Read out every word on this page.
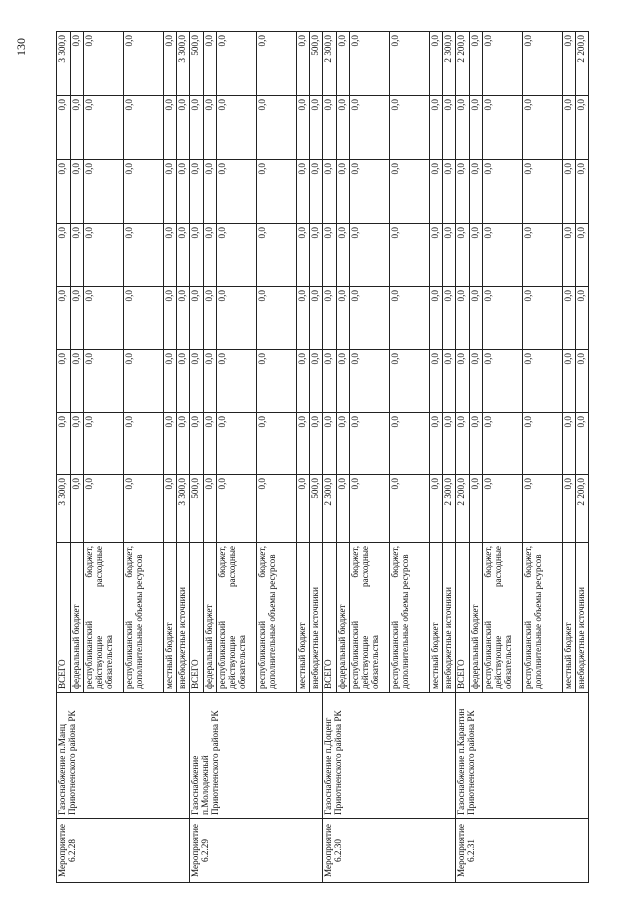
130
Мероприятие 6.2.28	Газоснабжение п.Манц Приютненского района РК	ВСЕГО	3 300,0	0,0	0,0	0,0	0,0	0,0	0,0	3 300,0
		федеральный бюджет	0,0	0,0	0,0	0,0	0,0	0,0	0,0	0,0
		республиканский бюджет, действующие расходные обязательства	0,0	0,0	0,0	0,0	0,0	0,0	0,0	0,0
		республиканский бюджет, дополнительные объемы ресурсов	0,0	0,0	0,0	0,0	0,0	0,0	0,0	0,0
		местный бюджет	0,0	0,0	0,0	0,0	0,0	0,0	0,0	0,0
		внебюджетные источники	3 300,0	0,0	0,0	0,0	0,0	0,0	0,0	3 300,0
Мероприятие 6.2.29	Газоснабжение п.Молодежный Приютненского района РК	ВСЕГО	500,0	0,0	0,0	0,0	0,0	0,0	0,0	500,0
		федеральный бюджет	0,0	0,0	0,0	0,0	0,0	0,0	0,0	0,0
		республиканский бюджет, действующие расходные обязательства	0,0	0,0	0,0	0,0	0,0	0,0	0,0	0,0
		республиканский бюджет, дополнительные объемы ресурсов	0,0	0,0	0,0	0,0	0,0	0,0	0,0	0,0
		местный бюджет	0,0	0,0	0,0	0,0	0,0	0,0	0,0	0,0
		внебюджетные источники	500,0	0,0	0,0	0,0	0,0	0,0	0,0	500,0
Мероприятие 6.2.30	Газоснабжение п.Доценг Приютненского района РК	ВСЕГО	2 300,0	0,0	0,0	0,0	0,0	0,0	0,0	2 300,0
		федеральный бюджет	0,0	0,0	0,0	0,0	0,0	0,0	0,0	0,0
		республиканский бюджет, действующие расходные обязательства	0,0	0,0	0,0	0,0	0,0	0,0	0,0	0,0
		республиканский бюджет, дополнительные объемы ресурсов	0,0	0,0	0,0	0,0	0,0	0,0	0,0	0,0
		местный бюджет	0,0	0,0	0,0	0,0	0,0	0,0	0,0	0,0
		внебюджетные источники	2 300,0	0,0	0,0	0,0	0,0	0,0	0,0	2 300,0
Мероприятие 6.2.31	Газоснабжение п.Карантин Приютненского района РК	ВСЕГО	2 200,0	0,0	0,0	0,0	0,0	0,0	0,0	2 200,0
		федеральный бюджет	0,0	0,0	0,0	0,0	0,0	0,0	0,0	0,0
		республиканский бюджет, действующие расходные обязательства	0,0	0,0	0,0	0,0	0,0	0,0	0,0	0,0
		республиканский бюджет, дополнительные объемы ресурсов	0,0	0,0	0,0	0,0	0,0	0,0	0,0	0,0
		местный бюджет	0,0	0,0	0,0	0,0	0,0	0,0	0,0	0,0
		внебюджетные источники	2 200,0	0,0	0,0	0,0	0,0	0,0	0,0	2 200,0
